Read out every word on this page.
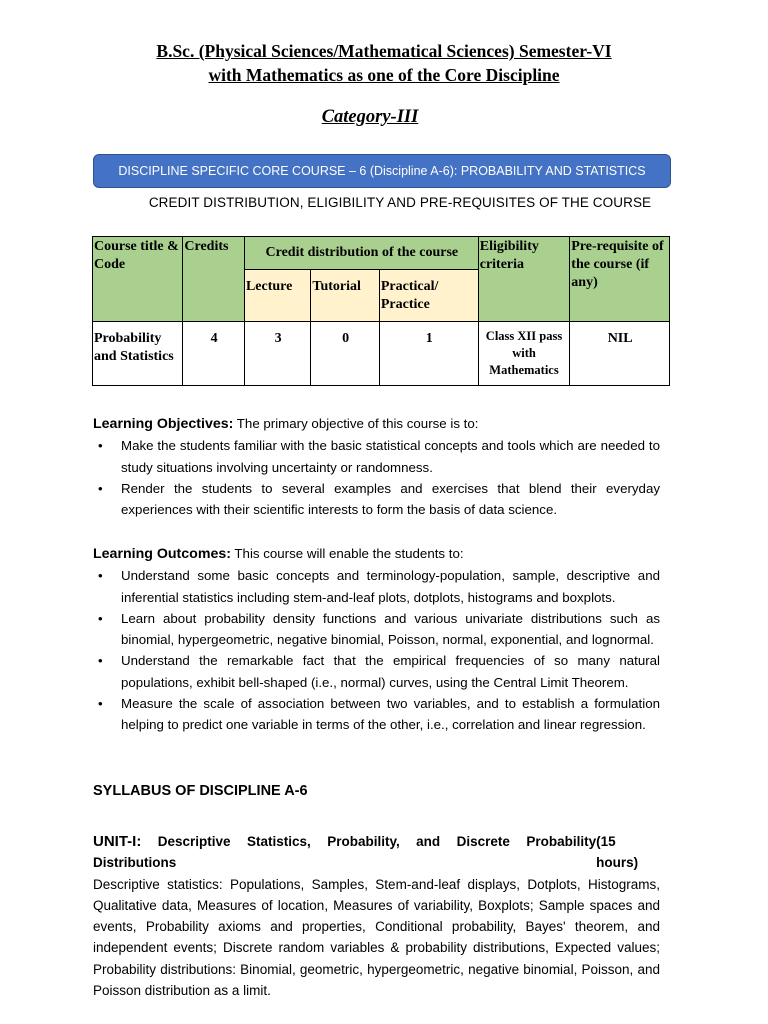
B.Sc. (Physical Sciences/Mathematical Sciences) Semester-VI
with Mathematics as one of the Core Discipline
Category-III
DISCIPLINE SPECIFIC CORE COURSE – 6 (Discipline A-6): PROBABILITY AND STATISTICS
CREDIT DISTRIBUTION, ELIGIBILITY AND PRE-REQUISITES OF THE COURSE
Course title & Code	Credits	Credit distribution of the course			Eligibility criteria	Pre-requisite of the course (if any)
		Lecture	Tutorial	Practical/ Practice		
Probability and Statistics	4	3	0	1	Class XII pass with Mathematics	NIL
Learning Objectives: The primary objective of this course is to:
• Make the students familiar with the basic statistical concepts and tools which are needed to study situations involving uncertainty or randomness.
• Render the students to several examples and exercises that blend their everyday experiences with their scientific interests to form the basis of data science.
Learning Outcomes: This course will enable the students to:
• Understand some basic concepts and terminology-population, sample, descriptive and inferential statistics including stem-and-leaf plots, dotplots, histograms and boxplots.
• Learn about probability density functions and various univariate distributions such as binomial, hypergeometric, negative binomial, Poisson, normal, exponential, and lognormal.
• Understand the remarkable fact that the empirical frequencies of so many natural populations, exhibit bell-shaped (i.e., normal) curves, using the Central Limit Theorem.
• Measure the scale of association between two variables, and to establish a formulation helping to predict one variable in terms of the other, i.e., correlation and linear regression.
SYLLABUS OF DISCIPLINE A-6
UNIT-I: Descriptive Statistics, Probability, and Discrete Probability Distributions
(15 hours)
Descriptive statistics: Populations, Samples, Stem-and-leaf displays, Dotplots, Histograms, Qualitative data, Measures of location, Measures of variability, Boxplots; Sample spaces and events, Probability axioms and properties, Conditional probability, Bayes' theorem, and independent events; Discrete random variables & probability distributions, Expected values; Probability distributions: Binomial, geometric, hypergeometric, negative binomial, Poisson, and Poisson distribution as a limit.
